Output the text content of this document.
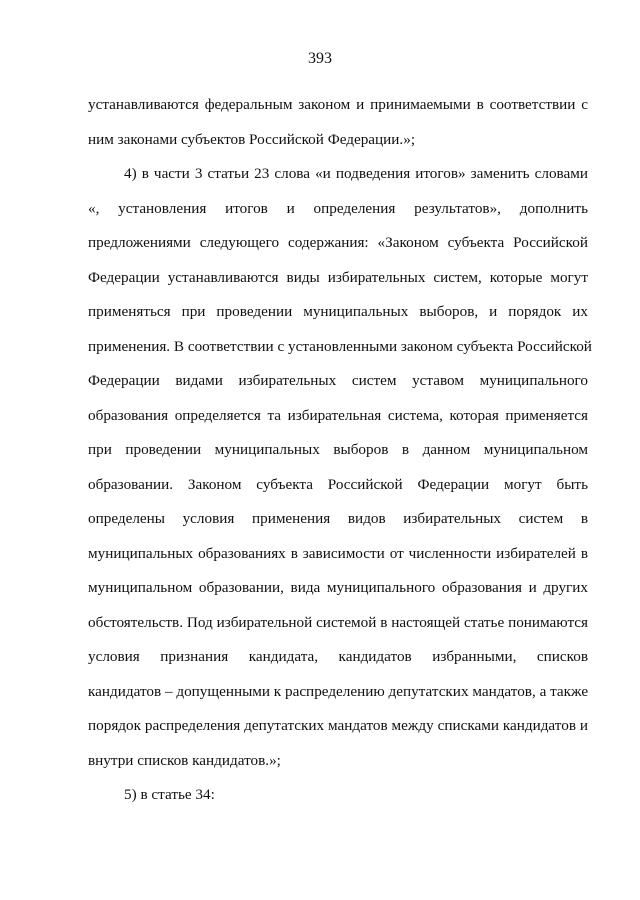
393
устанавливаются федеральным законом и принимаемыми в соответствии с
ним законами субъектов Российской Федерации.»;
4) в части 3 статьи 23 слова «и подведения итогов» заменить словами
«, установления итогов и определения результатов», дополнить
предложениями следующего содержания: «Законом субъекта Российской
Федерации устанавливаются виды избирательных систем, которые могут
применяться при проведении муниципальных выборов, и порядок их
применения. В соответствии с установленными законом субъекта Российской
Федерации видами избирательных систем уставом муниципального
образования определяется та избирательная система, которая применяется
при проведении муниципальных выборов в данном муниципальном
образовании. Законом субъекта Российской Федерации могут быть
определены условия применения видов избирательных систем в
муниципальных образованиях в зависимости от численности избирателей в
муниципальном образовании, вида муниципального образования и других
обстоятельств. Под избирательной системой в настоящей статье понимаются
условия признания кандидата, кандидатов избранными, списков
кандидатов – допущенными к распределению депутатских мандатов, а также
порядок распределения депутатских мандатов между списками кандидатов и
внутри списков кандидатов.»;
5) в статье 34:
